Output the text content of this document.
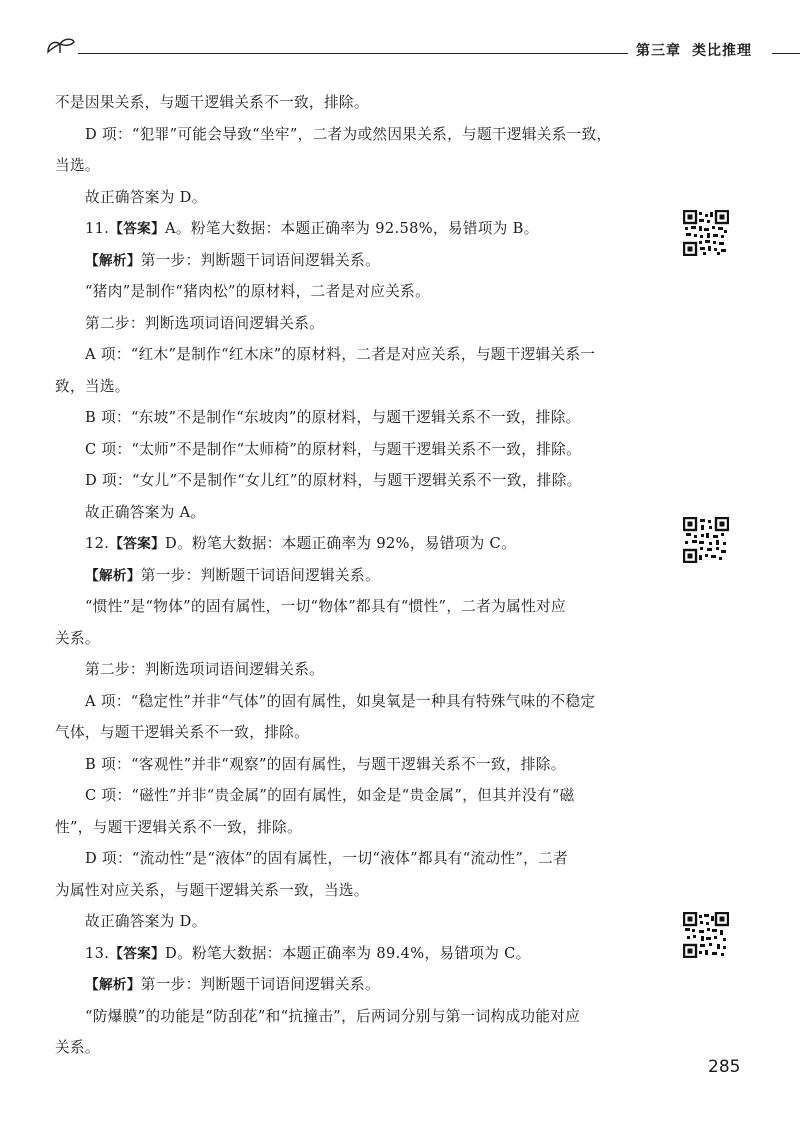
第三章 类比推理
不是因果关系，与题干逻辑关系不一致，排除。
D 项：“犯罪”可能会导致“坐牢”，二者为或然因果关系，与题干逻辑关系一致，
当选。
故正确答案为 D。
11.【答案】A。粉笔大数据：本题正确率为 92.58%，易错项为 B。
【解析】第一步：判断题干词语间逻辑关系。
“猪肉”是制作“猪肉松”的原材料，二者是对应关系。
第二步：判断选项词语间逻辑关系。
A 项：“红木”是制作“红木床”的原材料，二者是对应关系，与题干逻辑关系一
致，当选。
B 项：“东坡”不是制作“东坡肉”的原材料，与题干逻辑关系不一致，排除。
C 项：“太师”不是制作“太师椅”的原材料，与题干逻辑关系不一致，排除。
D 项：“女儿”不是制作“女儿红”的原材料，与题干逻辑关系不一致，排除。
故正确答案为 A。
12.【答案】D。粉笔大数据：本题正确率为 92%，易错项为 C。
【解析】第一步：判断题干词语间逻辑关系。
“惯性”是“物体”的固有属性，一切“物体”都具有“惯性”，二者为属性对应
关系。
第二步：判断选项词语间逻辑关系。
A 项：“稳定性”并非“气体”的固有属性，如臭氧是一种具有特殊气味的不稳定
气体，与题干逻辑关系不一致，排除。
B 项：“客观性”并非“观察”的固有属性，与题干逻辑关系不一致，排除。
C 项：“磁性”并非“贵金属”的固有属性，如金是“贵金属”，但其并没有“磁
性”，与题干逻辑关系不一致，排除。
D 项：“流动性”是“液体”的固有属性，一切“液体”都具有“流动性”，二者
为属性对应关系，与题干逻辑关系一致，当选。
故正确答案为 D。
13.【答案】D。粉笔大数据：本题正确率为 89.4%，易错项为 C。
【解析】第一步：判断题干词语间逻辑关系。
“防爆膜”的功能是“防刮花”和“抗撞击”，后两词分别与第一词构成功能对应
关系。
285
